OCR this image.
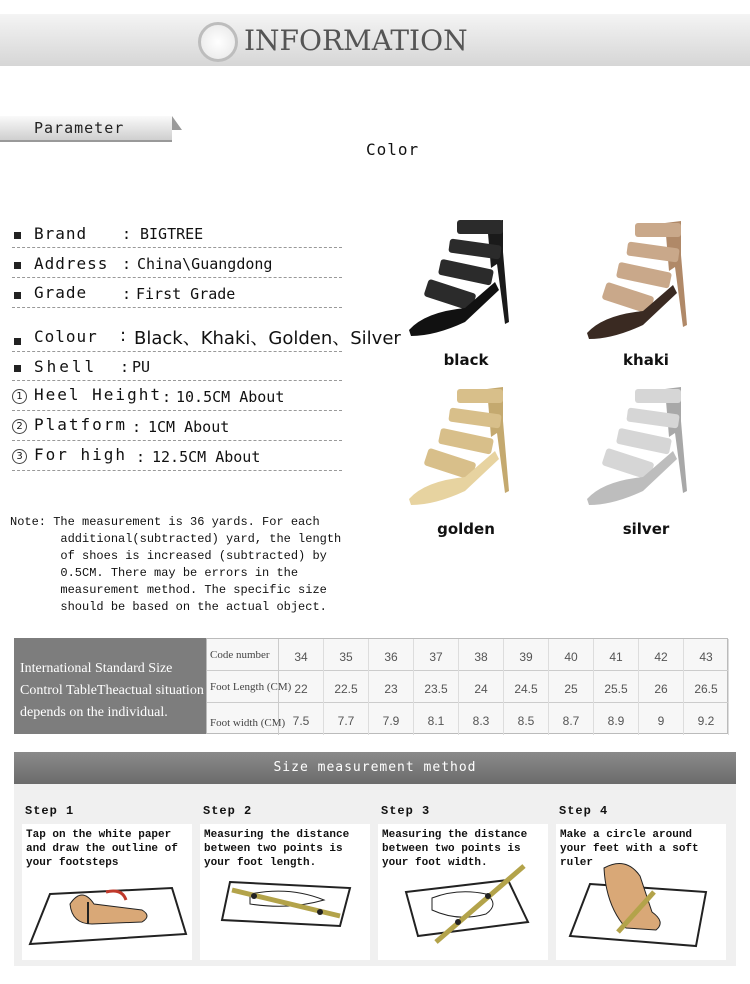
INFORMATION
Parameter
Color
Brand : BIGTREE
Address : China\Guangdong
Grade : First Grade
Colour : Black、Khaki、Golden、Silver
Shell : PU
1 Heel Height : 10.5CM About
2 Platform : 1CM About
3 For high : 12.5CM About
Note: The measurement is 36 yards. For each
additional(subtracted) yard, the length
of shoes is increased (subtracted) by
0.5CM. There may be errors in the
measurement method. The specific size
should be based on the actual object.
black	khaki
golden	silver
International Standard Size Control TableTheactual situation depends on the individual.
Code number	34	35	36	37	38	39	40	41	42	43
Foot Length (CM) 22	22.5	23	23.5	24	24.5	25	25.5	26	26.5
Foot width (CM) 7.5	7.7	7.9	8.1	8.3	8.5	8.7	8.9	9	9.2
Size measurement method
Step 1
Tap on the white paper and draw the outline of your footsteps
Step 2
Measuring the distance between two points is your foot length.
Step 3
Measuring the distance between two points is your foot width.
Step 4
Make a circle around your feet with a soft ruler
